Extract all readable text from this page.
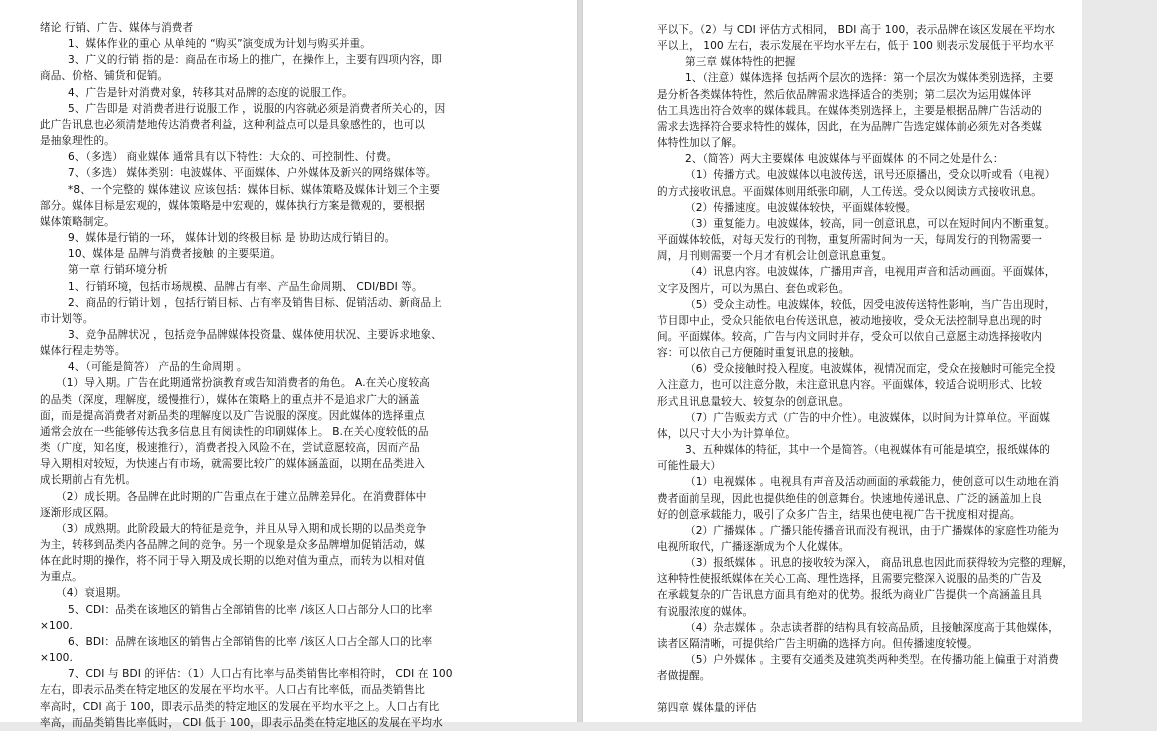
绪论 行销、广告、媒体与消费者

1、媒体作业的重心 从单纯的 “购买”演变成为计划与购买并重。

3、广义的行销 指的是：商品在市场上的推广，在操作上，主要有四项内容，即

商品、价格、铺货和促销。

4、广告是针对消费对象，转移其对品牌的态度的说服工作。

5、广告即是 对消费者进行说服工作 ，说服的内容就必须是消费者所关心的，因

此广告讯息也必须清楚地传达消费者利益，这种利益点可以是具象感性的，也可以

是抽象理性的。

6、（多选） 商业媒体 通常具有以下特性：大众的、可控制性、付费。

7、（多选） 媒体类别：电波媒体、平面媒体、户外媒体及新兴的网络媒体等。

*8、一个完整的 媒体建议 应该包括：媒体目标、媒体策略及媒体计划三个主要

部分。媒体目标是宏观的，媒体策略是中宏观的，媒体执行方案是微观的，要根据

媒体策略制定。

9、媒体是行销的一环， 媒体计划的终极目标 是 协助达成行销目的。

10、媒体是 品牌与消费者接触 的主要渠道。

第一章 行销环境分析

1、行销环境，包括市场规模、品牌占有率、产品生命周期、 CDI/BDI 等。

2、商品的行销计划 ，包括行销目标、占有率及销售目标、促销活动、新商品上

市计划等。

3、竞争品牌状况 ，包括竞争品牌媒体投资量、媒体使用状况、主要诉求地象、

媒体行程走势等。

4、（可能是简答） 产品的生命周期 。

（1）导入期。广告在此期通常扮演教育或告知消费者的角色。 A.在关心度较高

的品类（深度，理解度，缓慢推行），媒体在策略上的重点并不是追求广大的涵盖

面，而是提高消费者对新品类的理解度以及广告说服的深度。因此媒体的选择重点

通常会放在一些能够传达我多信息且有阅读性的印刷媒体上。 B.在关心度较低的品

类（广度，知名度，极速推行），消费者投入风险不在，尝试意愿较高，因而产品

导入期相对较短，为快速占有市场，就需要比较广的媒体涵盖面，以期在品类进入

成长期前占有先机。

（2）成长期。各品牌在此时期的广告重点在于建立品牌差异化。在消费群体中

逐渐形成区隔。

（3）成熟期。此阶段最大的特征是竞争，并且从导入期和成长期的以品类竞争

为主，转移到品类内各品牌之间的竞争。另一个现象是众多品牌增加促销活动，媒

体在此时期的操作，将不同于导入期及成长期的以绝对值为重点，而转为以相对值

为重点。

（4）衰退期。

5、CDI：品类在该地区的销售占全部销售的比率 /该区人口占部分人口的比率

×100.

6、BDI：品牌在该地区的销售占全部销售的比率 /该区人口占全部人口的比率

×100.

7、CDI 与 BDI 的评估：（1）人口占有比率与品类销售比率相符时， CDI 在 100

左右，即表示品类在特定地区的发展在平均水平。人口占有比率低，而品类销售比

率高时，CDI 高于 100，即表示品类的特定地区的发展在平均水平之上。人口占有比

率高，而品类销售比率低时， CDI 低于 100，即表示品类在特定地区的发展在平均水

平以下。（2）与 CDI 评估方式相同， BDI 高于 100，表示品牌在该区发展在平均水

平以上， 100 左右，表示发展在平均水平左右，低于 100 则表示发展低于平均水平

第三章 媒体特性的把握

1、（注意）媒体选择 包括两个层次的选择：第一个层次为媒体类别选择，主要

是分析各类媒体特性，然后依品牌需求选择适合的类别；第二层次为运用媒体评

估工具选出符合效率的媒体载具。在媒体类别选择上，主要是根据品牌广告活动的

需求去选择符合要求特性的媒体，因此，在为品牌广告选定媒体前必须先对各类媒

体特性加以了解。

2、（简答）两大主要媒体 电波媒体与平面媒体 的不同之处是什么：

（1）传播方式。电波媒体以电波传送，讯号还原播出，受众以听或看（电视）

的方式接收讯息。平面媒体则用纸张印刷，人工传送。受众以阅读方式接收讯息。

（2）传播速度。电波媒体较快，平面媒体较慢。

（3）重复能力。电波媒体，较高，同一创意讯息，可以在短时间内不断重复。

平面媒体较低，对每天发行的刊物，重复所需时间为一天，每周发行的刊物需要一

周，月刊则需要一个月才有机会让创意讯息重复。

（4）讯息内容。电波媒体，广播用声音，电视用声音和活动画面。平面媒体，

文字及图片，可以为黑白、套色或彩色。

（5）受众主动性。电波媒体，较低，因受电波传送特性影响，当广告出现时，

节目即中止，受众只能依电台传送讯息，被动地接收，受众无法控制导息出现的时

间。平面媒体。较高，广告与内文同时并存，受众可以依自己意愿主动选择接收内

容：可以依自己方便随时重复讯息的接触。

（6）受众接触时投入程度。电波媒体，视情况而定，受众在接触时可能完全投

入注意力，也可以注意分散，未注意讯息内容。平面媒体，较适合说明形式、比较

形式且讯息量较大、较复杂的创意讯息。

（7）广告贩卖方式（广告的中介性）。电波媒体，以时间为计算单位。平面媒

体，以尺寸大小为计算单位。

3、五种媒体的特征，其中一个是简答。（电视媒体有可能是填空，报纸媒体的

可能性最大）

（1）电视媒体 。电视具有声音及活动画面的承载能力，使创意可以生动地在消

费者面前呈现，因此也提供绝佳的创意舞台。快速地传递讯息、广泛的涵盖加上良

好的创意承载能力，吸引了众多广告主，结果也使电视广告干扰度相对提高。

（2）广播媒体 。广播只能传播音讯而没有视讯，由于广播媒体的家庭性功能为

电视所取代，广播逐渐成为个人化媒体。

（3）报纸媒体 。讯息的接收较为深入， 商品讯息也因此而获得较为完整的理解，

这种特性使报纸媒体在关心工高、理性选择，且需要完整深入说服的品类的广告及

在承载复杂的广告讯息方面具有绝对的优势。报纸为商业广告提供一个高涵盖且具

有说服浓度的媒体。

（4）杂志媒体 。杂志读者群的结构具有较高品质，且接触深度高于其他媒体，

读者区隔清晰，可提供给广告主明确的选择方向。但传播速度较慢。

（5）户外媒体 。主要有交通类及建筑类两种类型。在传播功能上偏重于对消费

者做提醒。

第四章 媒体量的评估
